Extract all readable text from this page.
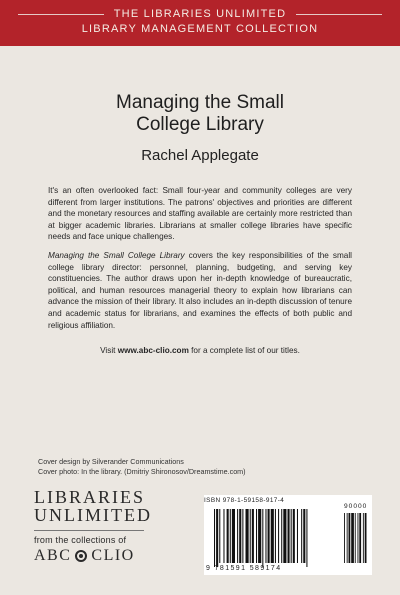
THE LIBRARIES UNLIMITED
LIBRARY MANAGEMENT COLLECTION
Managing the Small
College Library
Rachel Applegate

It's an often overlooked fact: Small four-year and community colleges are very different from larger institutions. The patrons' objectives and priorities are different and the monetary resources and staffing available are certainly more restricted than at bigger academic libraries. Librarians at smaller college libraries have specific needs and face unique challenges.

Managing the Small College Library covers the key responsibilities of the small college library director: personnel, planning, budgeting, and serving key constituencies. The author draws upon her in-depth knowledge of bureaucratic, political, and human resources managerial theory to explain how librarians can advance the mission of their library. It also includes an in-depth discussion of tenure and academic status for librarians, and examines the effects of both public and religious affiliation.

Visit www.abc-clio.com for a complete list of our titles.
Cover design by Silverander Communications
Cover photo: In the library. (Dmitriy Shironosov/Dreamstime.com)
LIBRARIES
UNLIMITED
from the collections of
ABC CLIO
ISBN 978-1-59158-917-4
90000
9 781591 589174
